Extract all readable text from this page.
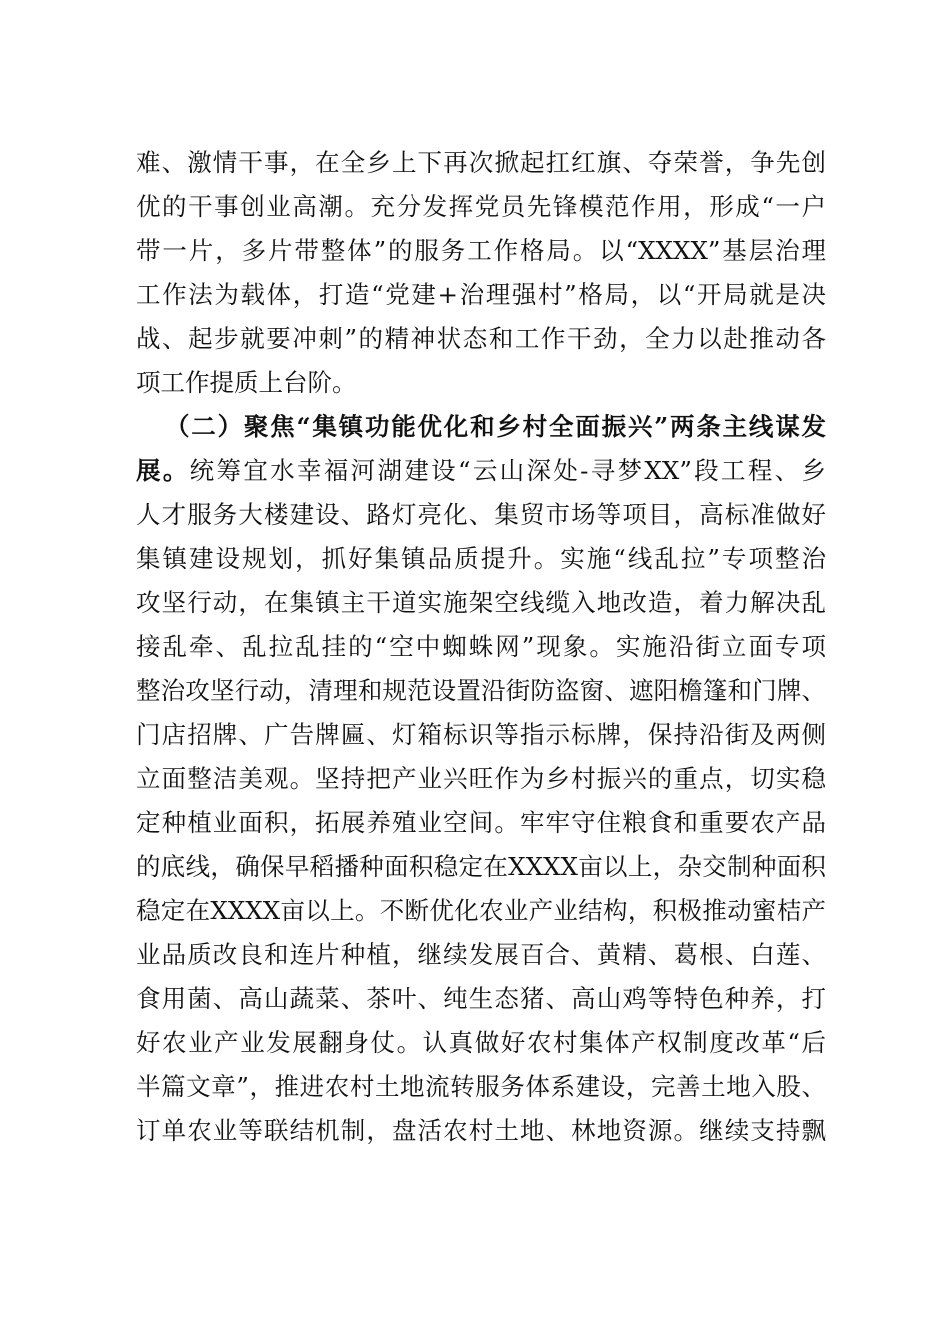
难、激情干事，在全乡上下再次掀起扛红旗、夺荣誉，争先创
优的干事创业高潮。充分发挥党员先锋模范作用，形成“一户
带一片，多片带整体”的服务工作格局。以“XXXX”基层治理
工作法为载体，打造“党建+治理强村”格局，以“开局就是决
战、起步就要冲刺”的精神状态和工作干劲，全力以赴推动各
项工作提质上台阶。
（二）聚焦“集镇功能优化和乡村全面振兴”两条主线谋发
展。统筹宜水幸福河湖建设“云山深处-寻梦XX”段工程、乡
人才服务大楼建设、路灯亮化、集贸市场等项目，高标准做好
集镇建设规划，抓好集镇品质提升。实施“线乱拉”专项整治
攻坚行动，在集镇主干道实施架空线缆入地改造，着力解决乱
接乱牵、乱拉乱挂的“空中蜘蛛网”现象。实施沿街立面专项
整治攻坚行动，清理和规范设置沿街防盗窗、遮阳檐篷和门牌、
门店招牌、广告牌匾、灯箱标识等指示标牌，保持沿街及两侧
立面整洁美观。坚持把产业兴旺作为乡村振兴的重点，切实稳
定种植业面积，拓展养殖业空间。牢牢守住粮食和重要农产品
的底线，确保早稻播种面积稳定在XXXX亩以上，杂交制种面积
稳定在XXXX亩以上。不断优化农业产业结构，积极推动蜜桔产
业品质改良和连片种植，继续发展百合、黄精、葛根、白莲、
食用菌、高山蔬菜、茶叶、纯生态猪、高山鸡等特色种养，打
好农业产业发展翻身仗。认真做好农村集体产权制度改革“后
半篇文章”，推进农村土地流转服务体系建设，完善土地入股、
订单农业等联结机制，盘活农村土地、林地资源。继续支持飘
